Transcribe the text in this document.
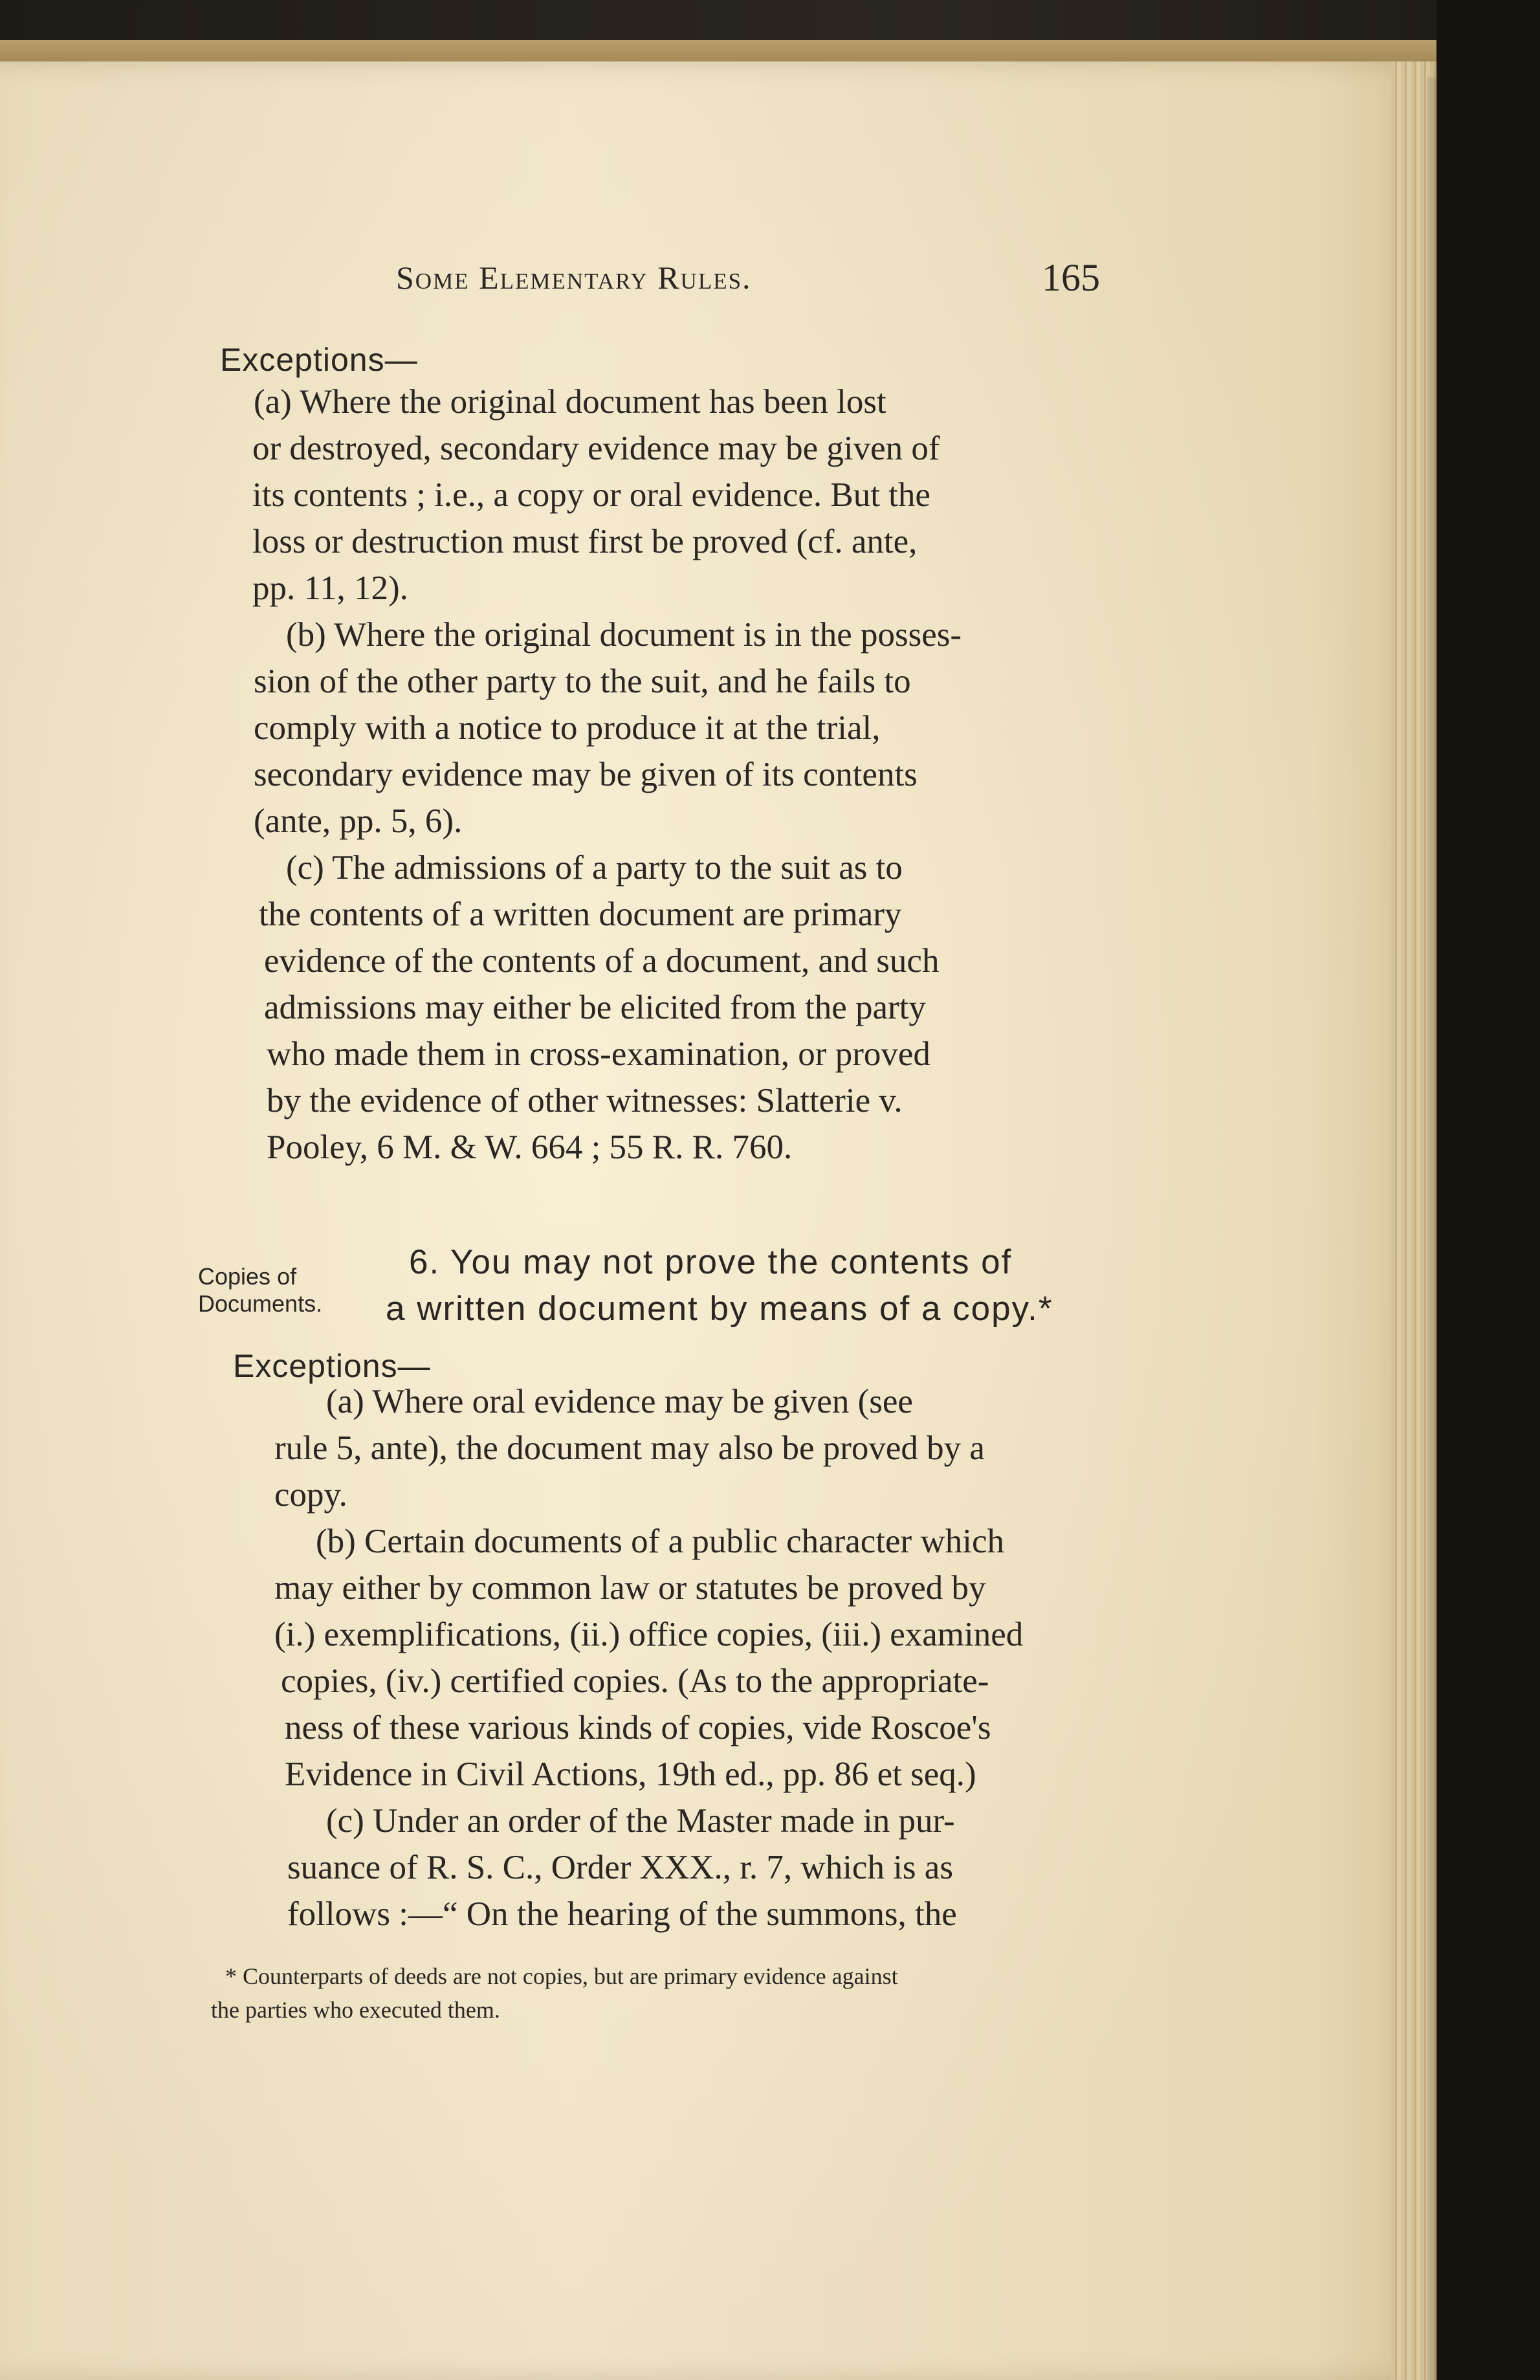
Some Elementary Rules.	165

Exceptions—

(a) Where the original document has been lost

or destroyed, secondary evidence may be given of

its contents ; i.e., a copy or oral evidence. But the

loss or destruction must first be proved (cf. ante,

pp. 11, 12).

(b) Where the original document is in the posses-

sion of the other party to the suit, and he fails to

comply with a notice to produce it at the trial,

secondary evidence may be given of its contents

(ante, pp. 5, 6).

(c) The admissions of a party to the suit as to

the contents of a written document are primary

evidence of the contents of a document, and such

admissions may either be elicited from the party

who made them in cross-examination, or proved

by the evidence of other witnesses: Slatterie v.

Pooley, 6 M. & W. 664 ; 55 R. R. 760.

Copies of
Documents.
6. You may not prove the contents of
a written document by means of a copy.*

Exceptions—

(a) Where oral evidence may be given (see

rule 5, ante), the document may also be proved by a

copy.

(b) Certain documents of a public character which

may either by common law or statutes be proved by

(i.) exemplifications, (ii.) office copies, (iii.) examined

copies, (iv.) certified copies. (As to the appropriate-

ness of these various kinds of copies, vide Roscoe's

Evidence in Civil Actions, 19th ed., pp. 86 et seq.)

(c) Under an order of the Master made in pur-

suance of R. S. C., Order XXX., r. 7, which is as

follows :—“ On the hearing of the summons, the

* Counterparts of deeds are not copies, but are primary evidence against
the parties who executed them.
